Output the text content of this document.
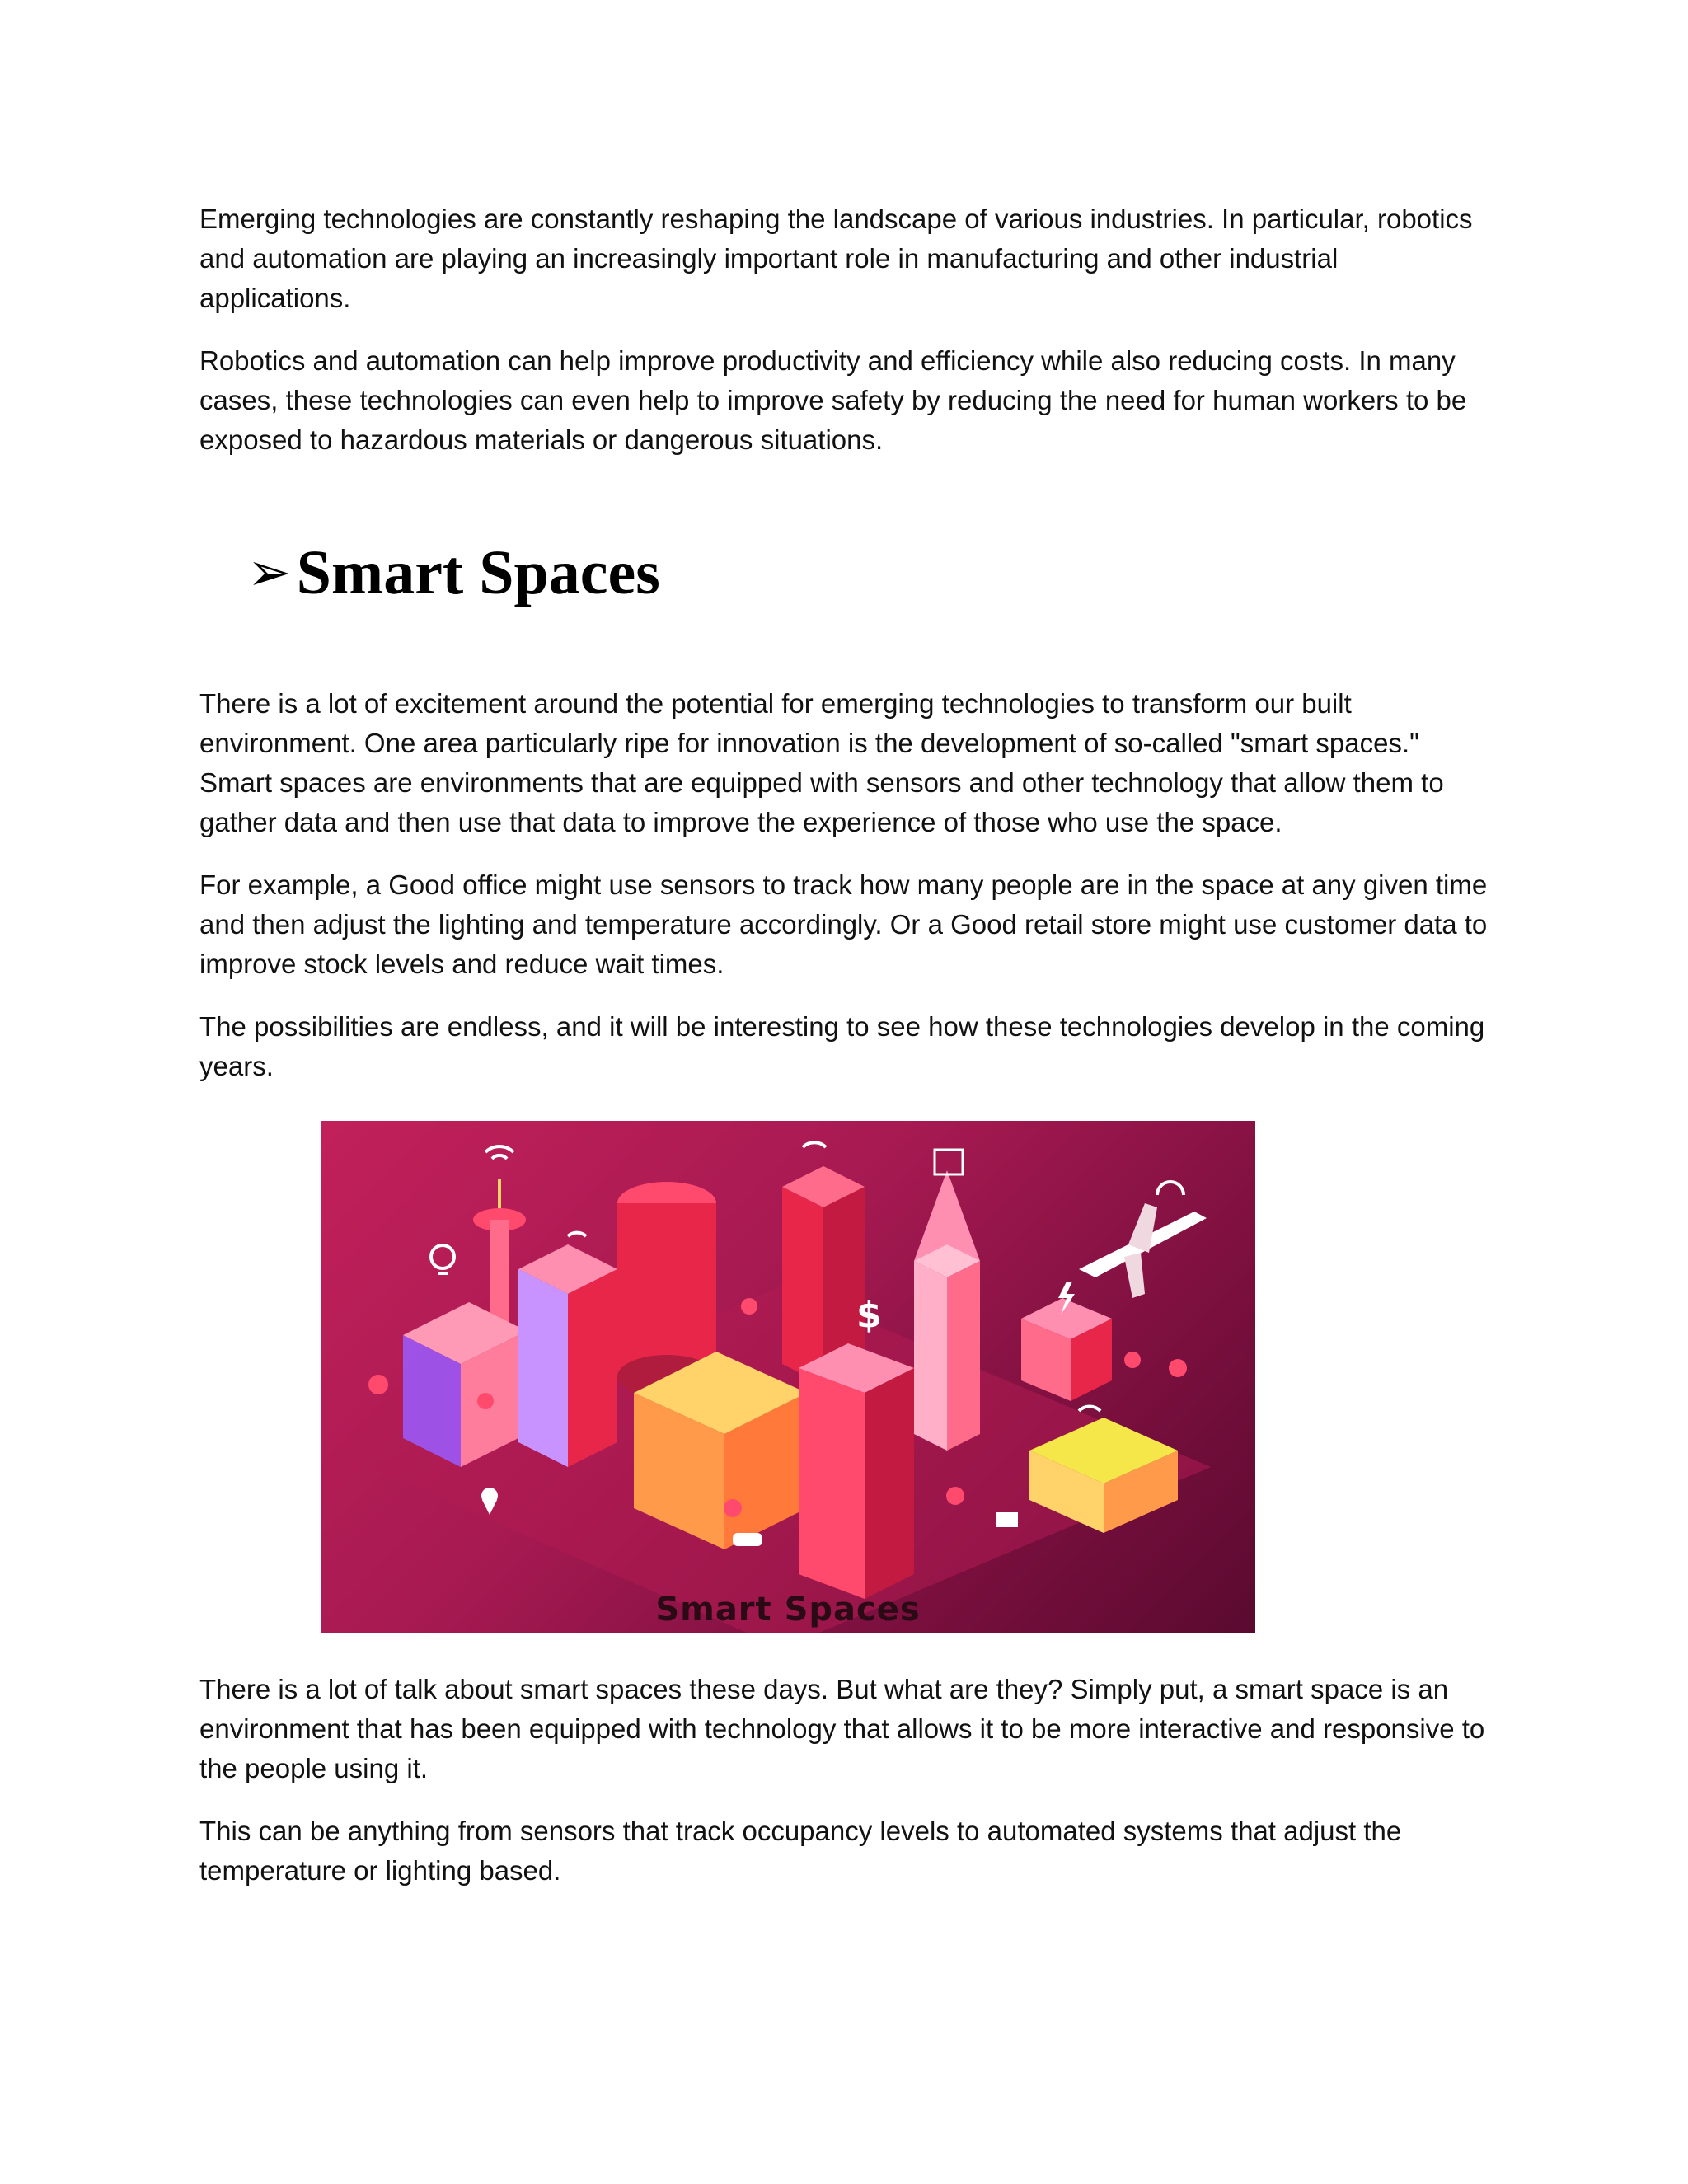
Emerging technologies are constantly reshaping the landscape of various industries. In particular, robotics and automation are playing an increasingly important role in manufacturing and other industrial applications.

Robotics and automation can help improve productivity and efficiency while also reducing costs. In many cases, these technologies can even help to improve safety by reducing the need for human workers to be exposed to hazardous materials or dangerous situations.

➢ Smart Spaces

There is a lot of excitement around the potential for emerging technologies to transform our built environment. One area particularly ripe for innovation is the development of so-called "smart spaces." Smart spaces are environments that are equipped with sensors and other technology that allow them to gather data and then use that data to improve the experience of those who use the space.

For example, a Good office might use sensors to track how many people are in the space at any given time and then adjust the lighting and temperature accordingly. Or a Good retail store might use customer data to improve stock levels and reduce wait times.

The possibilities are endless, and it will be interesting to see how these technologies develop in the coming years.

$
Smart Spaces

There is a lot of talk about smart spaces these days. But what are they? Simply put, a smart space is an environment that has been equipped with technology that allows it to be more interactive and responsive to the people using it.

This can be anything from sensors that track occupancy levels to automated systems that adjust the temperature or lighting based.
